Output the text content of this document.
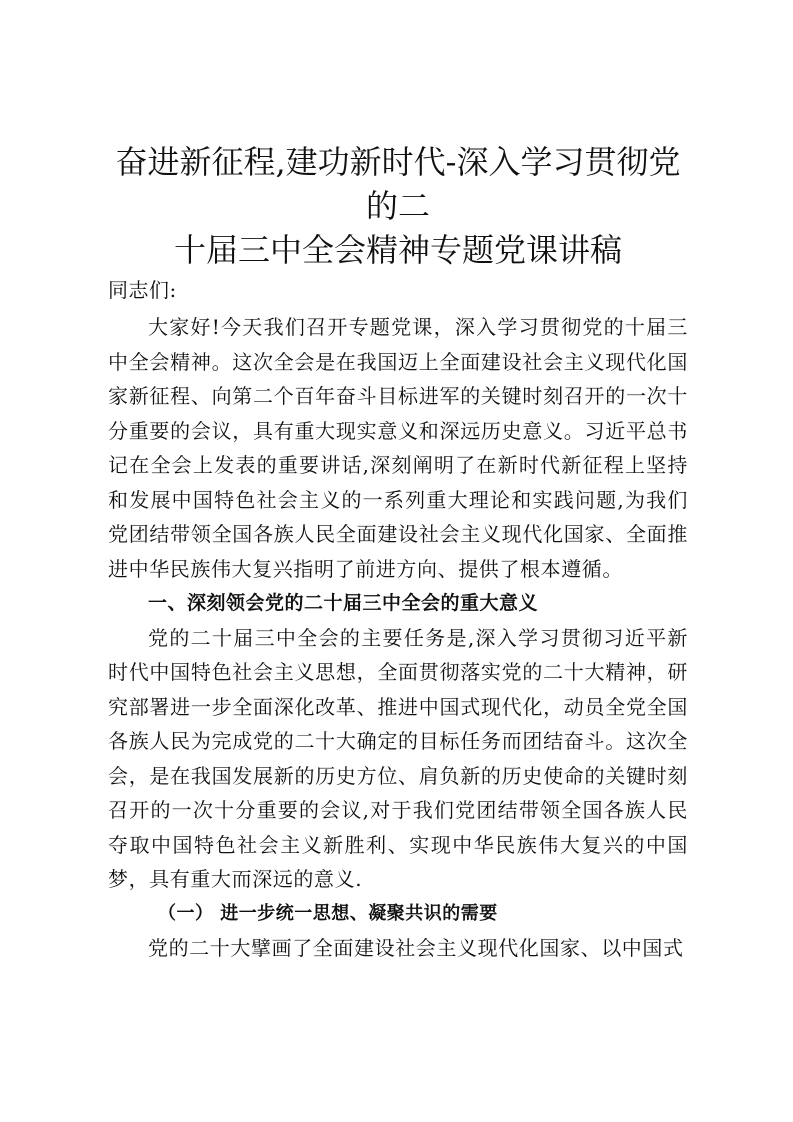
奋进新征程,建功新时代-深入学习贯彻党的二
十届三中全会精神专题党课讲稿

同志们:

大家好!今天我们召开专题党课，深入学习贯彻党的十届三中全会精神。这次全会是在我国迈上全面建设社会主义现代化国家新征程、向第二个百年奋斗目标进军的关键时刻召开的一次十分重要的会议，具有重大现实意义和深远历史意义。习近平总书记在全会上发表的重要讲话,深刻阐明了在新时代新征程上坚持和发展中国特色社会主义的一系列重大理论和实践问题,为我们党团结带领全国各族人民全面建设社会主义现代化国家、全面推进中华民族伟大复兴指明了前进方向、提供了根本遵循。

一、深刻领会党的二十届三中全会的重大意义

党的二十届三中全会的主要任务是,深入学习贯彻习近平新时代中国特色社会主义思想，全面贯彻落实党的二十大精神，研究部署进一步全面深化改革、推进中国式现代化，动员全党全国各族人民为完成党的二十大确定的目标任务而团结奋斗。这次全会，是在我国发展新的历史方位、肩负新的历史使命的关键时刻召开的一次十分重要的会议,对于我们党团结带领全国各族人民夺取中国特色社会主义新胜利、实现中华民族伟大复兴的中国梦，具有重大而深远的意义.

（一） 进一步统一思想、凝聚共识的需要

党的二十大擘画了全面建设社会主义现代化国家、以中国式
